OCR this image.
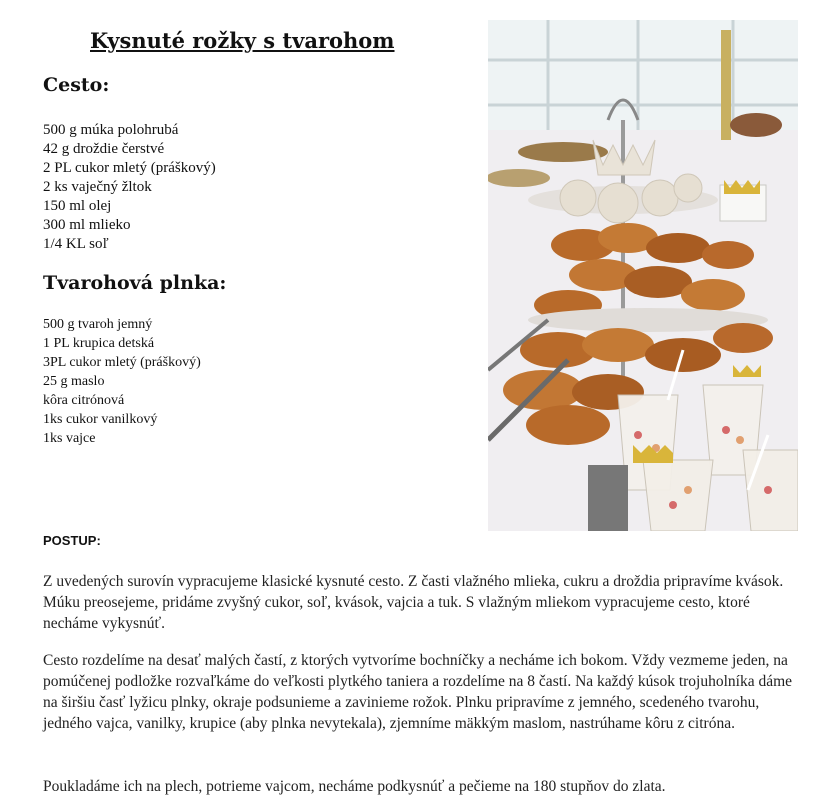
Kysnuté rožky s tvarohom
Cesto:
500 g múka polohrubá
42 g droždie čerstvé
2 PL cukor mletý (práškový)
2 ks vaječný žltok
150 ml olej
300 ml mlieko
1/4 KL soľ
Tvarohová plnka:
500 g tvaroh jemný
1 PL krupica detská
3PL cukor mletý (práškový)
25 g maslo
kôra citrónová
1ks cukor vanilkový
1ks vajce
POSTUP:

Z uvedených surovín vypracujeme klasické kysnuté cesto. Z časti vlažného mlieka, cukru a droždia pripravíme kvások. Múku preosejeme, pridáme zvyšný cukor, soľ, kvások, vajcia a tuk. S vlažným mliekom vypracujeme cesto, ktoré necháme vykysnúť.

Cesto rozdelíme na desať malých častí, z ktorých vytvoríme bochníčky a necháme ich bokom. Vždy vezmeme jeden, na pomúčenej podložke rozvaľkáme do veľkosti plytkého taniera a rozdelíme na 8 častí. Na každý kúsok trojuholníka dáme na širšiu časť lyžicu plnky, okraje podsunieme a zavinieme rožok. Plnku pripravíme z jemného, scedeného tvarohu, jedného vajca, vanilky, krupice (aby plnka nevytekala), zjemníme mäkkým maslom, nastrúhame kôru z citróna.

Poukladáme ich na plech, potrieme vajcom, necháme podkysnúť a pečieme na 180 stupňov do zlata.
